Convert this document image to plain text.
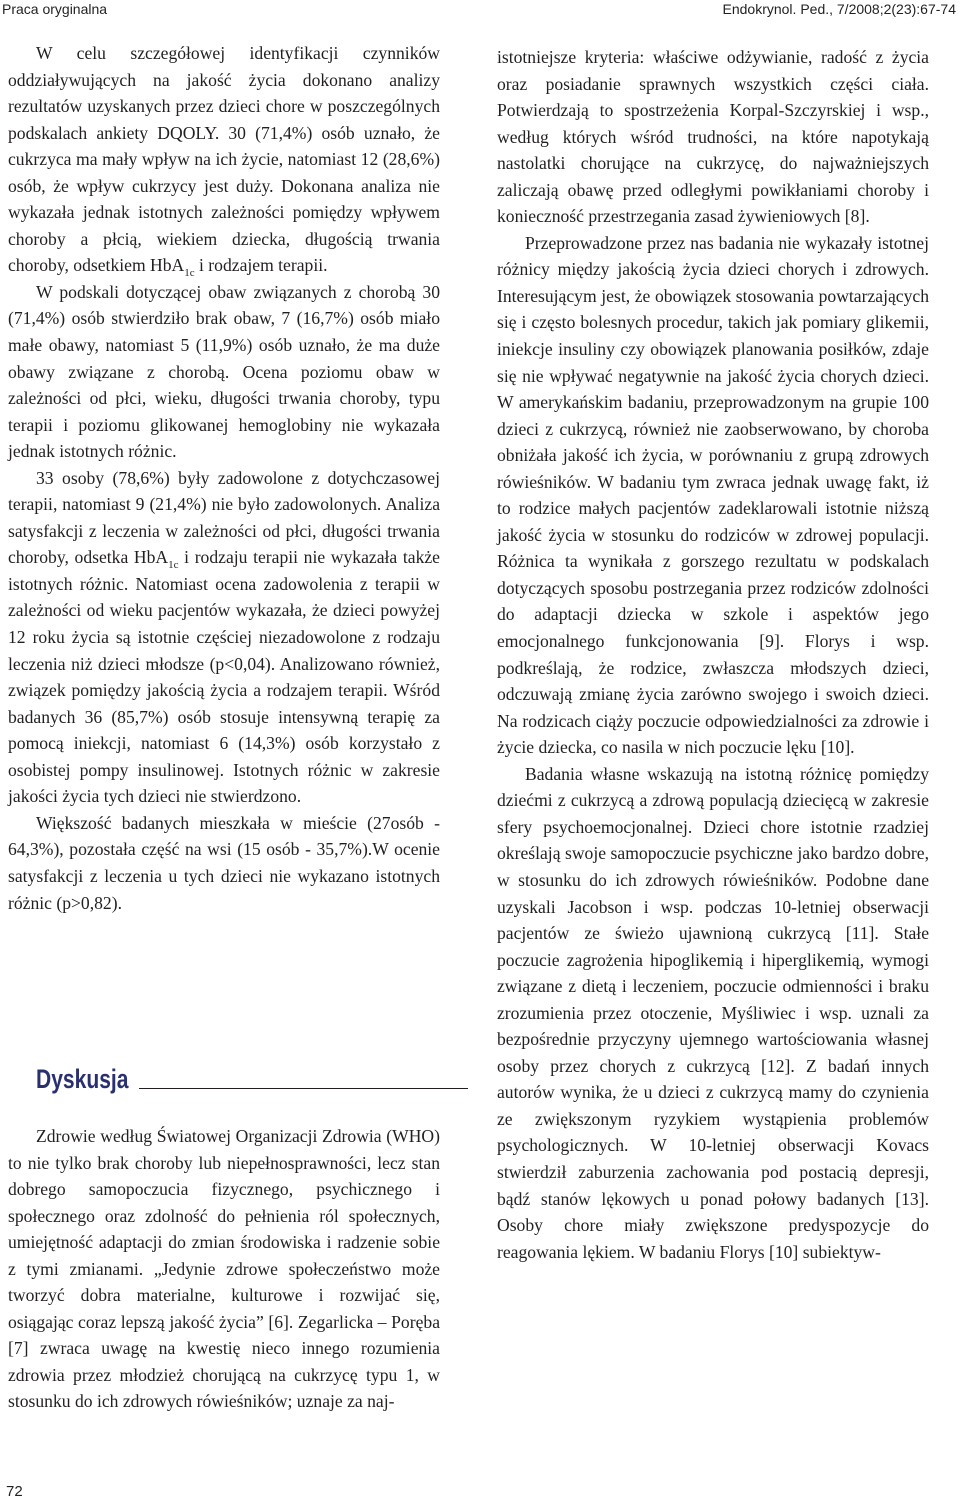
Praca oryginalna	Endokrynol. Ped., 7/2008;2(23):67-74

W celu szczegółowej identyfikacji czynników oddziaływujących na jakość życia dokonano analizy rezultatów uzyskanych przez dzieci chore w poszczególnych podskalach ankiety DQOLY. 30 (71,4%) osób uznało, że cukrzyca ma mały wpływ na ich życie, natomiast 12 (28,6%) osób, że wpływ cukrzycy jest duży. Dokonana analiza nie wykazała jednak istotnych zależności pomiędzy wpływem choroby a płcią, wiekiem dziecka, długością trwania choroby, odsetkiem HbA$_{1c}$ i rodzajem terapii.

W podskali dotyczącej obaw związanych z chorobą 30 (71,4%) osób stwierdziło brak obaw, 7 (16,7%) osób miało małe obawy, natomiast 5 (11,9%) osób uznało, że ma duże obawy związane z chorobą. Ocena poziomu obaw w zależności od płci, wieku, długości trwania choroby, typu terapii i poziomu glikowanej hemoglobiny nie wykazała jednak istotnych różnic.

33 osoby (78,6%) były zadowolone z dotychczasowej terapii, natomiast 9 (21,4%) nie było zadowolonych. Analiza satysfakcji z leczenia w zależności od płci, długości trwania choroby, odsetka HbA$_{1c}$ i rodzaju terapii nie wykazała także istotnych różnic. Natomiast ocena zadowolenia z terapii w zależności od wieku pacjentów wykazała, że dzieci powyżej 12 roku życia są istotnie częściej niezadowolone z rodzaju leczenia niż dzieci młodsze (p<0,04). Analizowano również, związek pomiędzy jakością życia a rodzajem terapii. Wśród badanych 36 (85,7%) osób stosuje intensywną terapię za pomocą iniekcji, natomiast 6 (14,3%) osób korzystało z osobistej pompy insulinowej. Istotnych różnic w zakresie jakości życia tych dzieci nie stwierdzono.

Większość badanych mieszkała w mieście (27osób - 64,3%), pozostała część na wsi (15 osób - 35,7%).W ocenie satysfakcji z leczenia u tych dzieci nie wykazano istotnych różnic (p>0,82).

Dyskusja

Zdrowie według Światowej Organizacji Zdrowia (WHO) to nie tylko brak choroby lub niepełnosprawności, lecz stan dobrego samopoczucia fizycznego, psychicznego i społecznego oraz zdolność do pełnienia ról społecznych, umiejętność adaptacji do zmian środowiska i radzenie sobie z tymi zmianami. „Jedynie zdrowe społeczeństwo może tworzyć dobra materialne, kulturowe i rozwijać się, osiągając coraz lepszą jakość życia” [6]. Zegarlicka – Poręba [7] zwraca uwagę na kwestię nieco innego rozumienia zdrowia przez młodzież chorującą na cukrzycę typu 1, w stosunku do ich zdrowych rówieśników; uznaje za naj-

istotniejsze kryteria: właściwe odżywianie, radość z życia oraz posiadanie sprawnych wszystkich części ciała. Potwierdzają to spostrzeżenia Korpal-Szczyrskiej i wsp., według których wśród trudności, na które napotykają nastolatki chorujące na cukrzycę, do najważniejszych zaliczają obawę przed odległymi powikłaniami choroby i konieczność przestrzegania zasad żywieniowych [8].

Przeprowadzone przez nas badania nie wykazały istotnej różnicy między jakością życia dzieci chorych i zdrowych. Interesującym jest, że obowiązek stosowania powtarzających się i często bolesnych procedur, takich jak pomiary glikemii, iniekcje insuliny czy obowiązek planowania posiłków, zdaje się nie wpływać negatywnie na jakość życia chorych dzieci. W amerykańskim badaniu, przeprowadzonym na grupie 100 dzieci z cukrzycą, również nie zaobserwowano, by choroba obniżała jakość ich życia, w porównaniu z grupą zdrowych rówieśników. W badaniu tym zwraca jednak uwagę fakt, iż to rodzice małych pacjentów zadeklarowali istotnie niższą jakość życia w stosunku do rodziców w zdrowej populacji. Różnica ta wynikała z gorszego rezultatu w podskalach dotyczących sposobu postrzegania przez rodziców zdolności do adaptacji dziecka w szkole i aspektów jego emocjonalnego funkcjonowania [9]. Florys i wsp. podkreślają, że rodzice, zwłaszcza młodszych dzieci, odczuwają zmianę życia zarówno swojego i swoich dzieci. Na rodzicach ciąży poczucie odpowiedzialności za zdrowie i życie dziecka, co nasila w nich poczucie lęku [10].

Badania własne wskazują na istotną różnicę pomiędzy dziećmi z cukrzycą a zdrową populacją dziecięcą w zakresie sfery psychoemocjonalnej. Dzieci chore istotnie rzadziej określają swoje samopoczucie psychiczne jako bardzo dobre, w stosunku do ich zdrowych rówieśników. Podobne dane uzyskali Jacobson i wsp. podczas 10-letniej obserwacji pacjentów ze świeżo ujawnioną cukrzycą [11]. Stałe poczucie zagrożenia hipoglikemią i hiperglikemią, wymogi związane z dietą i leczeniem, poczucie odmienności i braku zrozumienia przez otoczenie, Myśliwiec i wsp. uznali za bezpośrednie przyczyny ujemnego wartościowania własnej osoby przez chorych z cukrzycą [12]. Z badań innych autorów wynika, że u dzieci z cukrzycą mamy do czynienia ze zwiększonym ryzykiem wystąpienia problemów psychologicznych. W 10-letniej obserwacji Kovacs stwierdził zaburzenia zachowania pod postacią depresji, bądź stanów lękowych u ponad połowy badanych [13]. Osoby chore miały zwiększone predyspozycje do reagowania lękiem. W badaniu Florys [10] subiektyw-

72
